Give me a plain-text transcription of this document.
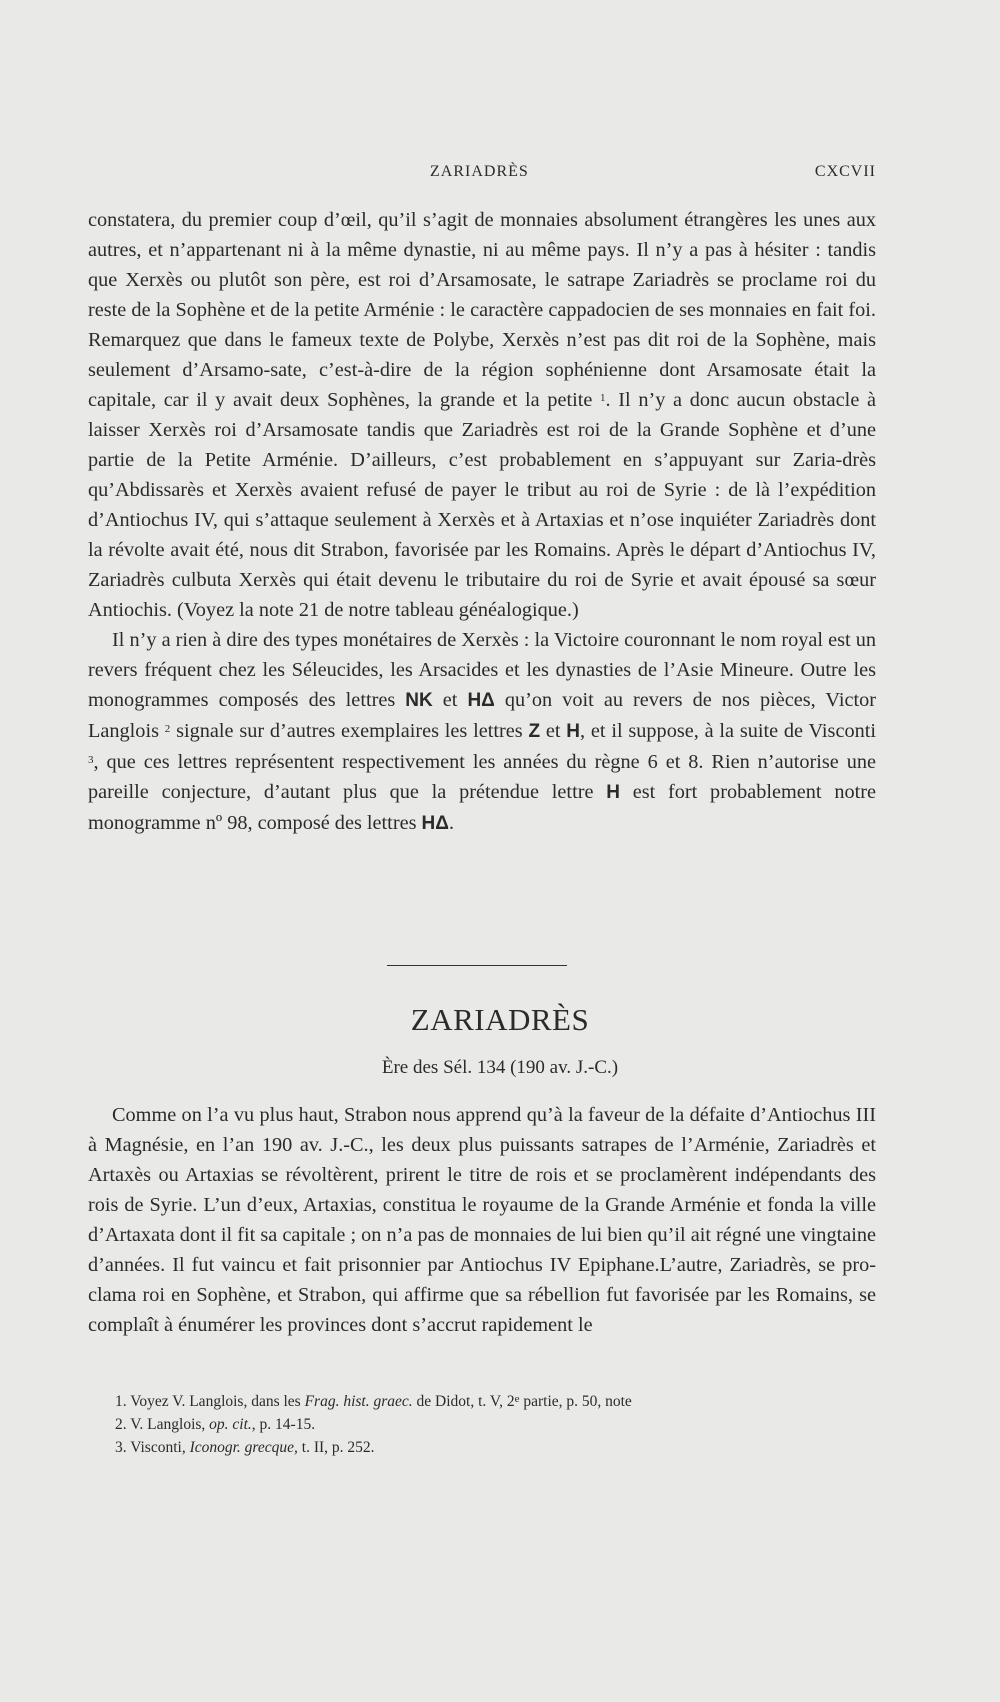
ZARIADRÈS	CXCVII

constatera, du premier coup d’œil, qu’il s’agit de monnaies absolument étrangères les unes aux autres, et n’appartenant ni à la même dynastie, ni au même pays. Il n’y a pas à hésiter : tandis que Xerxès ou plutôt son père, est roi d’Arsamosate, le satrape Zariadrès se proclame roi du reste de la Sophène et de la petite Arménie : le caractère cappadocien de ses monnaies en fait foi. Remarquez que dans le fameux texte de Polybe, Xerxès n’est pas dit roi de la Sophène, mais seulement d’Arsamo-sate, c’est-à-dire de la région sophénienne dont Arsamosate était la capitale, car il y avait deux Sophènes, la grande et la petite $^1$. Il n’y a donc aucun obstacle à laisser Xerxès roi d’Arsamosate tandis que Zariadrès est roi de la Grande Sophène et d’une partie de la Petite Arménie. D’ailleurs, c’est probablement en s’appuyant sur Zaria-drès qu’Abdissarès et Xerxès avaient refusé de payer le tribut au roi de Syrie : de là l’expédition d’Antiochus IV, qui s’attaque seulement à Xerxès et à Artaxias et n’ose inquiéter Zariadrès dont la révolte avait été, nous dit Strabon, favorisée par les Romains. Après le départ d’Antiochus IV, Zariadrès culbuta Xerxès qui était devenu le tributaire du roi de Syrie et avait épousé sa sœur Antiochis. (Voyez la note 21 de notre tableau généalogique.)

Il n’y a rien à dire des types monétaires de Xerxès : la Victoire couronnant le nom royal est un revers fréquent chez les Séleucides, les Arsacides et les dynasties de l’Asie Mineure. Outre les monogrammes composés des lettres NK et HΔ qu’on voit au revers de nos pièces, Victor Langlois $^2$ signale sur d’autres exemplaires les lettres Z et H, et il suppose, à la suite de Visconti $^3$, que ces lettres représentent respectivement les années du règne 6 et 8. Rien n’autorise une pareille conjecture, d’autant plus que la prétendue lettre H est fort probablement notre monogramme nº 98, composé des lettres HΔ.

ZARIADRÈS
Ère des Sél. 134 (190 av. J.-C.)

Comme on l’a vu plus haut, Strabon nous apprend qu’à la faveur de la défaite d’Antiochus III à Magnésie, en l’an 190 av. J.-C., les deux plus puissants satrapes de l’Arménie, Zariadrès et Artaxès ou Artaxias se révoltèrent, prirent le titre de rois et se proclamèrent indépendants des rois de Syrie. L’un d’eux, Artaxias, constitua le royaume de la Grande Arménie et fonda la ville d’Artaxata dont il fit sa capitale ; on n’a pas de monnaies de lui bien qu’il ait régné une vingtaine d’années. Il fut vaincu et fait prisonnier par Antiochus IV Epiphane.L’autre, Zariadrès, se pro-clama roi en Sophène, et Strabon, qui affirme que sa rébellion fut favorisée par les Romains, se complaît à énumérer les provinces dont s’accrut rapidement le

1. Voyez V. Langlois, dans les Frag. hist. graec. de Didot, t. V, 2e partie, p. 50, note
2. V. Langlois, op. cit., p. 14-15.
3. Visconti, Iconogr. grecque, t. II, p. 252.
